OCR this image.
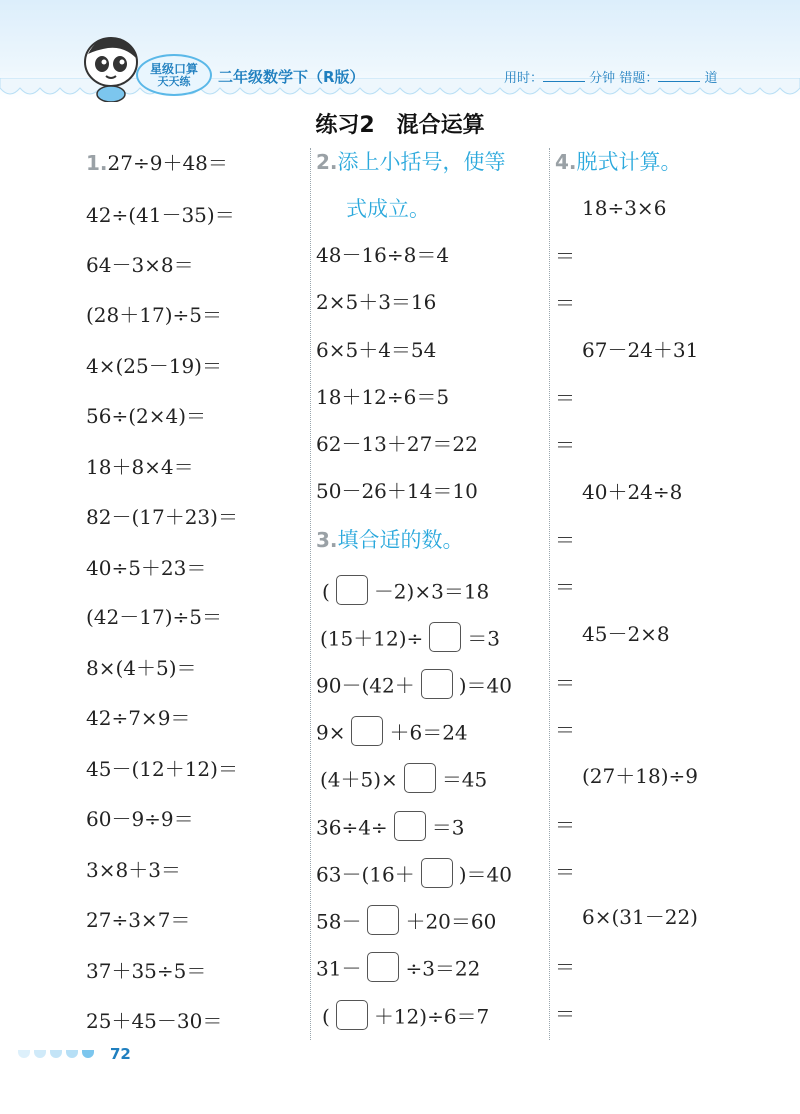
星级口算
天天练 二年级数学下（R版）	用时：	分钟 错题：	道
练习2　混合运算
1.27÷9＋48＝
42÷(41－35)＝
64－3×8＝
(28＋17)÷5＝
4×(25－19)＝
56÷(2×4)＝
18＋8×4＝
82－(17＋23)＝
40÷5＋23＝
(42－17)÷5＝
8×(4＋5)＝
42÷7×9＝
45－(12＋12)＝
60－9÷9＝
3×8＋3＝
27÷3×7＝
37＋35÷5＝
25＋45－30＝
2.添上小括号，使等
式成立。
48－16÷8＝4
2×5＋3＝16
6×5＋4＝54
18＋12÷6＝5
62－13＋27＝22
50－26＋14＝10
3.填合适的数。
( －2)×3＝18
(15＋12)÷ ＝3
90－(42＋ )＝40
9× ＋6＝24
(4＋5)× ＝45
36÷4÷ ＝3
63－(16＋ )＝40
58－ ＋20＝60
31－ ÷3＝22
( ＋12)÷6＝7
4.脱式计算。
18÷3×6
＝
＝
67－24＋31
＝
＝
40＋24÷8
＝
＝
45－2×8
＝
＝
(27＋18)÷9
＝
＝
6×(31－22)
＝
＝
72
